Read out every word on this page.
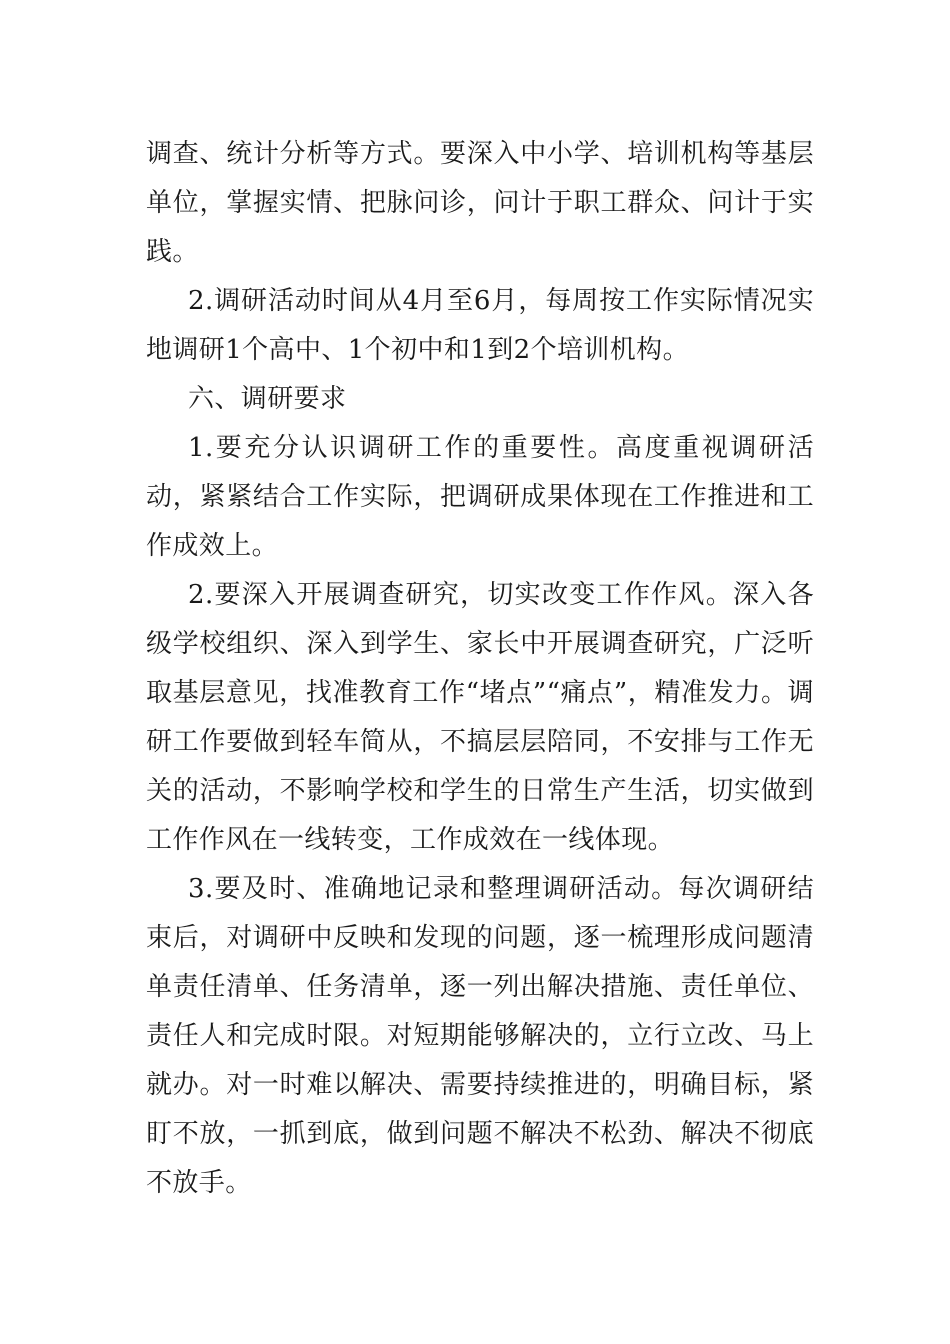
调查、统计分析等方式。要深入中小学、培训机构等基层单位，掌握实情、把脉问诊，问计于职工群众、问计于实践。

2.调研活动时间从4月至6月，每周按工作实际情况实地调研1个高中、1个初中和1到2个培训机构。

六、调研要求

1.要充分认识调研工作的重要性。高度重视调研活动，紧紧结合工作实际，把调研成果体现在工作推进和工作成效上。

2.要深入开展调查研究，切实改变工作作风。深入各级学校组织、深入到学生、家长中开展调查研究，广泛听取基层意见，找准教育工作“堵点”“痛点”，精准发力。调研工作要做到轻车简从，不搞层层陪同，不安排与工作无关的活动，不影响学校和学生的日常生产生活，切实做到工作作风在一线转变，工作成效在一线体现。

3.要及时、准确地记录和整理调研活动。每次调研结束后，对调研中反映和发现的问题，逐一梳理形成问题清单责任清单、任务清单，逐一列出解决措施、责任单位、责任人和完成时限。对短期能够解决的，立行立改、马上就办。对一时难以解决、需要持续推进的，明确目标，紧盯不放，一抓到底，做到问题不解决不松劲、解决不彻底不放手。
